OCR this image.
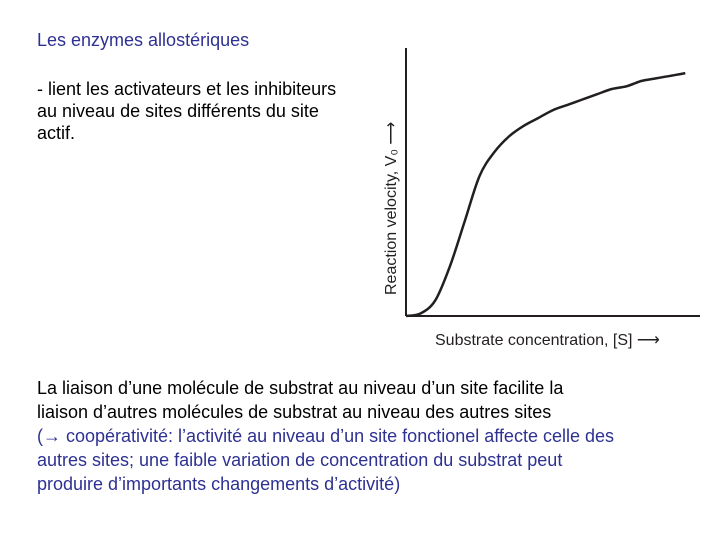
Les enzymes allostériques
- lient les activateurs et les inhibiteurs
au niveau de sites différents du site
actif.
Substrate concentration, [S] ⟶
Reaction velocity, V₀ ⟶
La liaison d’une molécule de substrat au niveau d’un site facilite la
liaison d’autres molécules de substrat au niveau des autres sites
(→ coopérativité: l’activité au niveau d’un site fonctionel affecte celle des
autres sites; une faible variation de concentration du substrat peut
produire d’importants changements d’activité)
